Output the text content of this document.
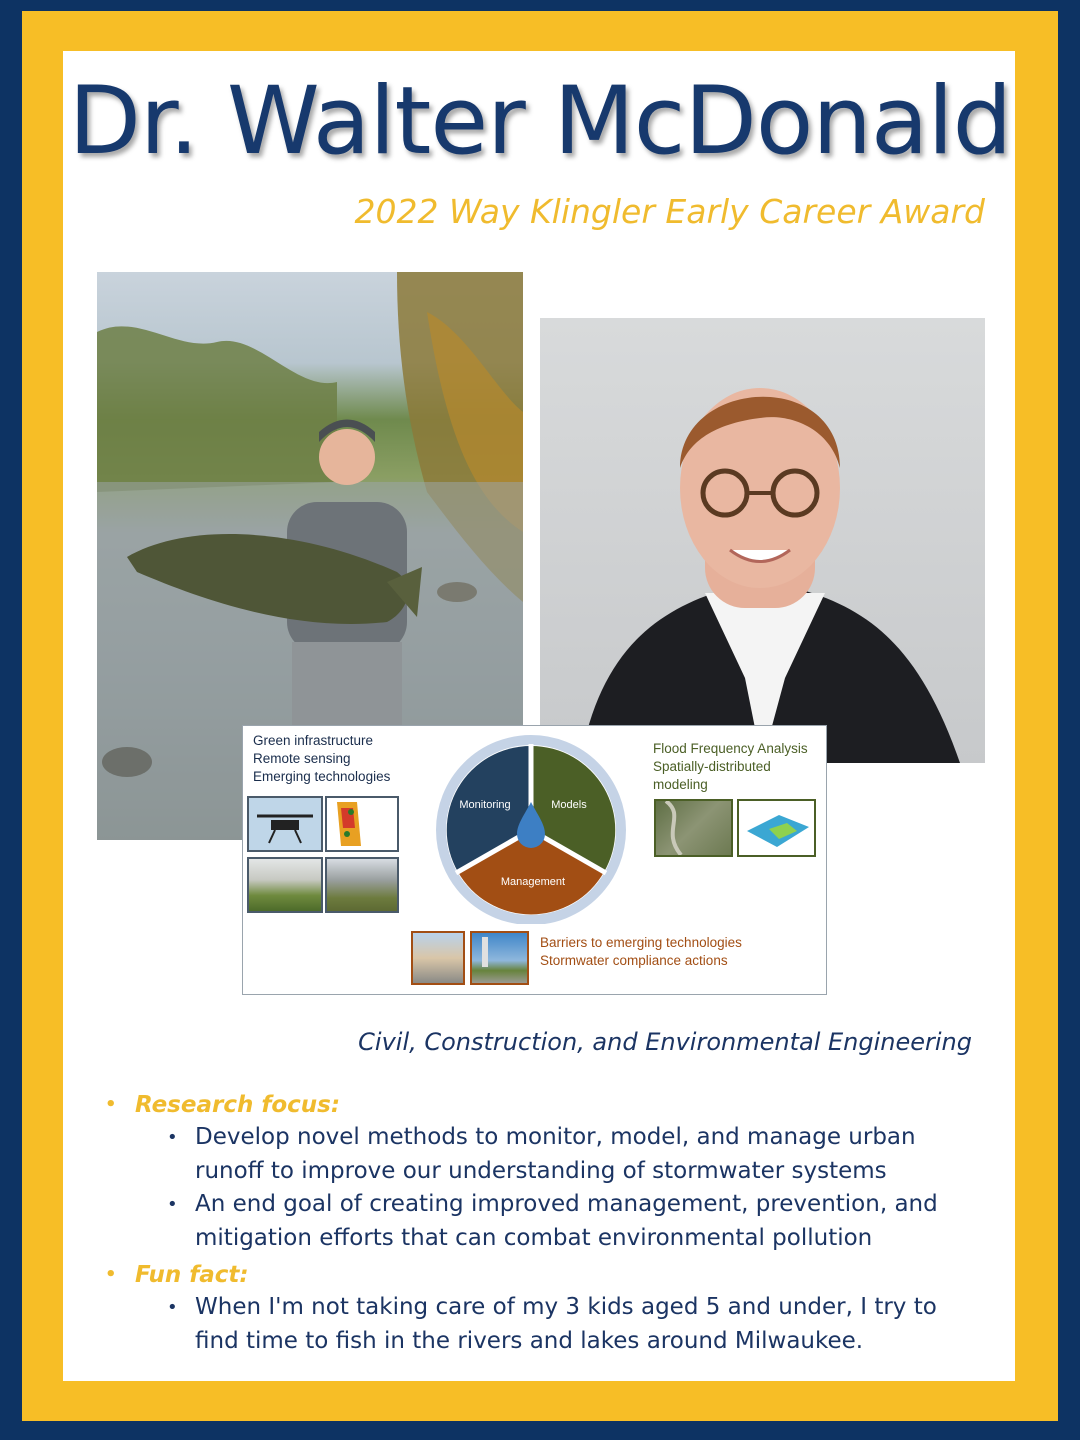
Dr. Walter McDonald
2022 Way Klingler Early Career Award
Green infrastructure
Remote sensing
Emerging technologies
Monitoring	Models
Management
Flood Frequency Analysis
Spatially-distributed
modeling
Barriers to emerging technologies
Stormwater compliance actions
Civil, Construction, and Environmental Engineering
• Research focus:
• Develop novel methods to monitor, model, and manage urban runoff to improve our understanding of stormwater systems
• An end goal of creating improved management, prevention, and mitigation efforts that can combat environmental pollution
• Fun fact:
• When I'm not taking care of my 3 kids aged 5 and under, I try to find time to fish in the rivers and lakes around Milwaukee.
